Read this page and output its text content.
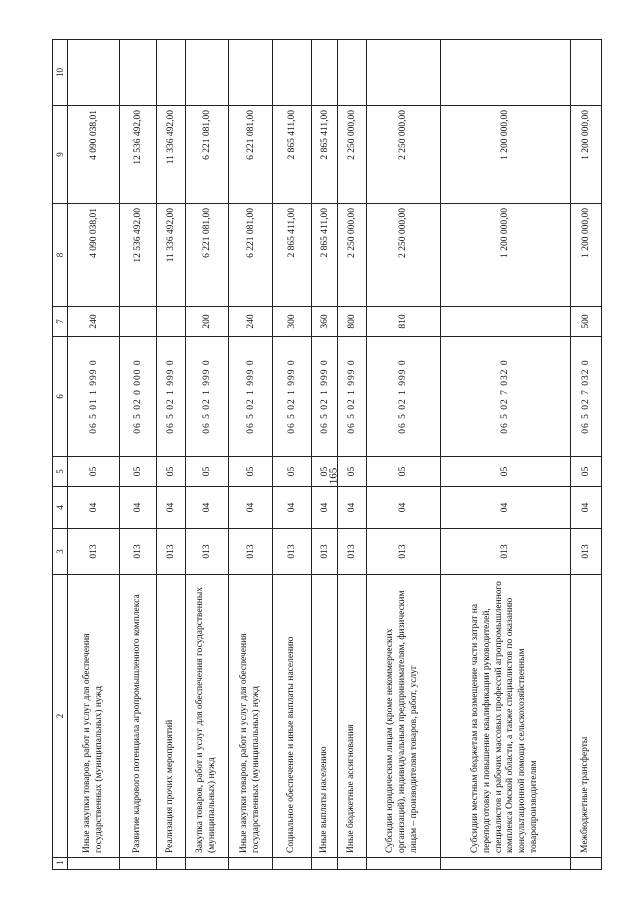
165
1	2	3	4	5	6	7	8	9	10
	Иные закупки товаров, работ и услуг для обеспечения государственных (муниципальных) нужд	013	04	05	06 5 01 1 999 0	240	4 090 038,01	4 090 038,01	
	Развитие кадрового потенциала агропромышленного комплекса	013	04	05	06 5 02 0 000 0		12 536 492,00	12 536 492,00	
	Реализация прочих мероприятий	013	04	05	06 5 02 1 999 0		11 336 492,00	11 336 492,00	
	Закупка товаров, работ и услуг для обеспечения государственных (муниципальных) нужд	013	04	05	06 5 02 1 999 0	200	6 221 081,00	6 221 081,00	
	Иные закупки товаров, работ и услуг для обеспечения государственных (муниципальных) нужд	013	04	05	06 5 02 1 999 0	240	6 221 081,00	6 221 081,00	
	Социальное обеспечение и иные выплаты населению	013	04	05	06 5 02 1 999 0	300	2 865 411,00	2 865 411,00	
	Иные выплаты населению	013	04	05	06 5 02 1 999 0	360	2 865 411,00	2 865 411,00	
	Иные бюджетные ассигнования	013	04	05	06 5 02 1 999 0	800	2 250 000,00	2 250 000,00	
	Субсидии юридическим лицам (кроме некоммерческих организаций), индивидуальным предпринимателям, физическим лицам – производителям товаров, работ, услуг	013	04	05	06 5 02 1 999 0	810	2 250 000,00	2 250 000,00	
	Субсидии местным бюджетам на возмещение части затрат на переподготовку и повышение квалификации руководителей, специалистов и рабочих массовых профессий агропромышленного комплекса Омской области, а также специалистов по оказанию консультационной помощи сельскохозяйственным товаропроизводителям	013	04	05	06 5 02 7 032 0		1 200 000,00	1 200 000,00	
	Межбюджетные трансферты	013	04	05	06 5 02 7 032 0	500	1 200 000,00	1 200 000,00	
